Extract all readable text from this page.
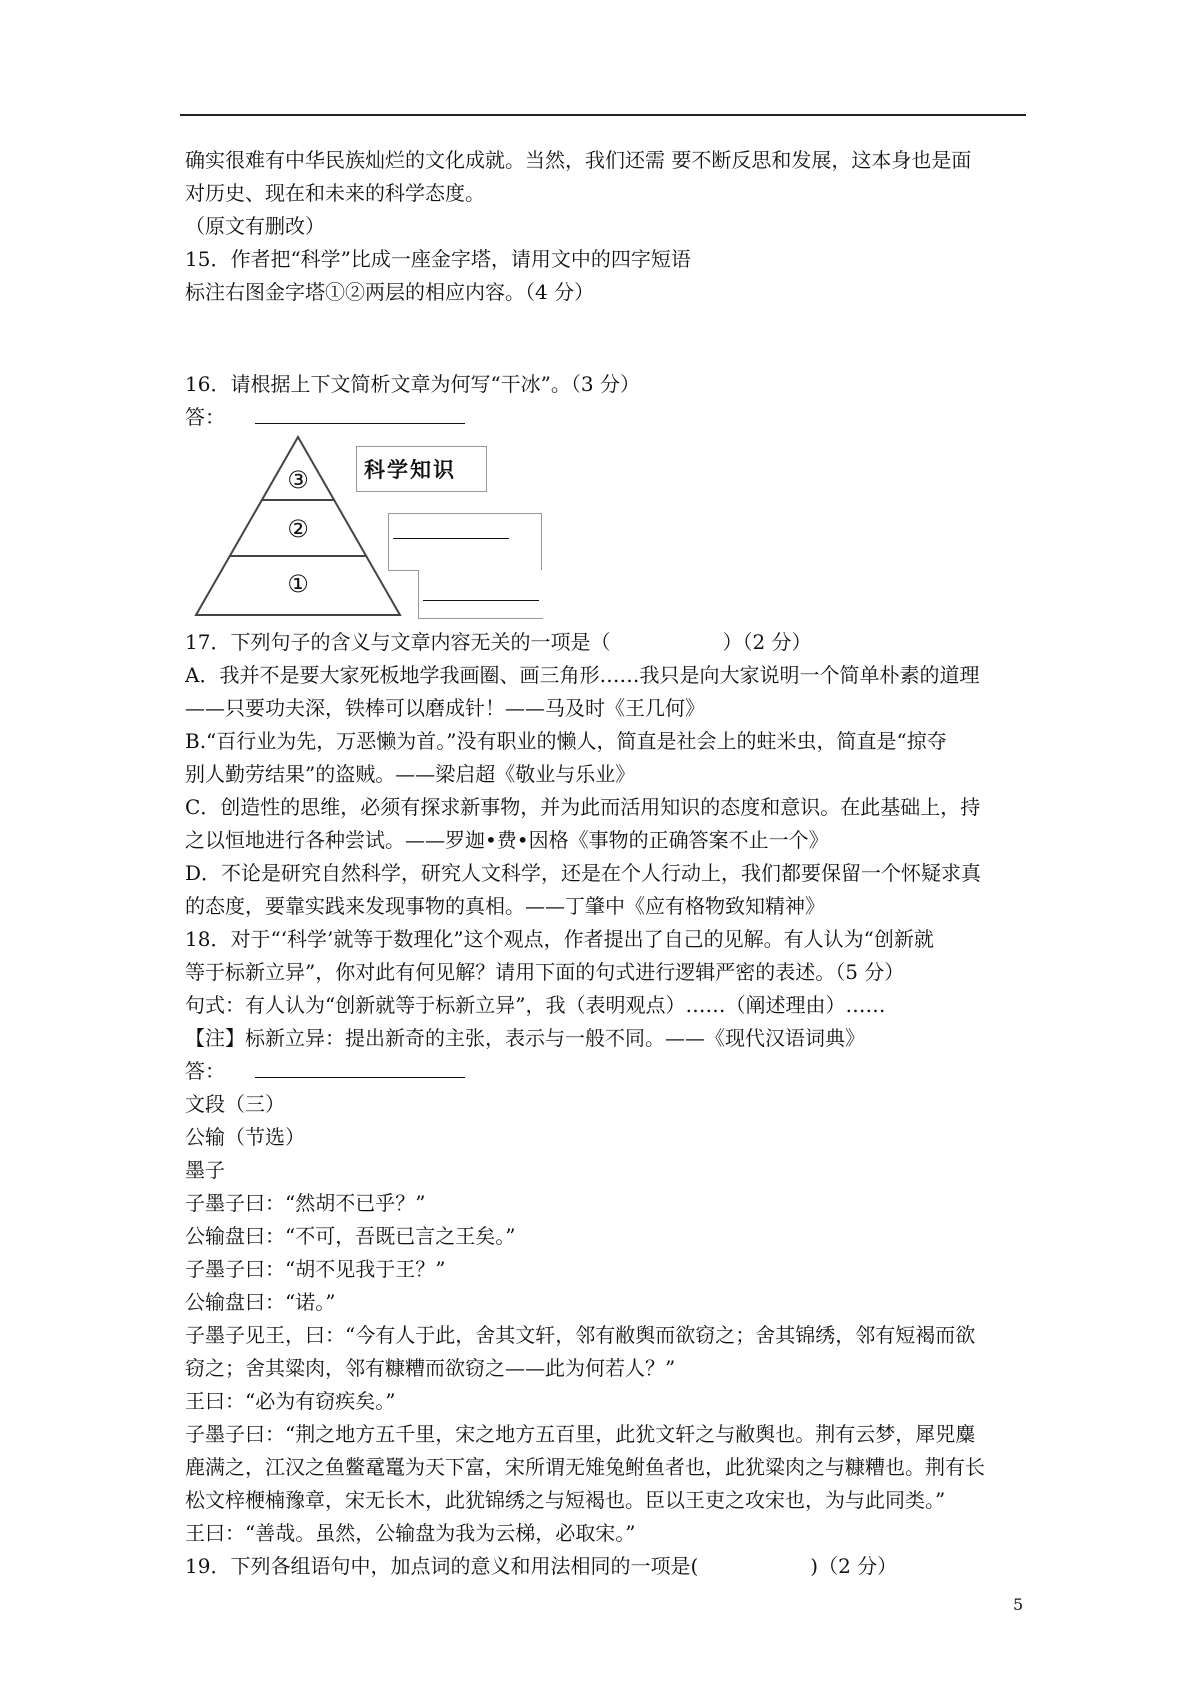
确实很难有中华民族灿烂的文化成就。当然，我们还需 要不断反思和发展，这本身也是面
对历史、现在和未来的科学态度。
（原文有删改）
15．作者把“科学”比成一座金字塔，请用文中的四字短语
标注右图金字塔①②两层的相应内容。（4 分）
16．请根据上下文简析文章为何写“干冰”。（3 分）
答：
③
②
①
科学知识
17．下列句子的含义与文章内容无关的一项是（	）（2 分）
A．我并不是要大家死板地学我画圈、画三角形……我只是向大家说明一个简单朴素的道理
——只要功夫深，铁棒可以磨成针！——马及时《王几何》
B.“百行业为先，万恶懒为首。”没有职业的懒人，简直是社会上的蛀米虫，简直是“掠夺
别人勤劳结果”的盗贼。——梁启超《敬业与乐业》
C．创造性的思维，必须有探求新事物，并为此而活用知识的态度和意识。在此基础上，持
之以恒地进行各种尝试。——罗迦•费•因格《事物的正确答案不止一个》
D．不论是研究自然科学，研究人文科学，还是在个人行动上，我们都要保留一个怀疑求真
的态度，要靠实践来发现事物的真相。——丁肇中《应有格物致知精神》
18．对于“‘科学’就等于数理化”这个观点，作者提出了自己的见解。有人认为“创新就
等于标新立异”，你对此有何见解？请用下面的句式进行逻辑严密的表述。（5 分）
句式：有人认为“创新就等于标新立异”，我（表明观点）……（阐述理由）……
【注】标新立异：提出新奇的主张，表示与一般不同。——《现代汉语词典》
答：
文段（三）
公输（节选）
墨子
子墨子曰：“然胡不已乎？”
公输盘曰：“不可，吾既已言之王矣。”
子墨子曰：“胡不见我于王？”
公输盘曰：“诺。”
子墨子见王，曰：“今有人于此，舍其文轩，邻有敝舆而欲窃之；舍其锦绣，邻有短褐而欲
窃之；舍其粱肉，邻有糠糟而欲窃之——此为何若人？”
王曰：“必为有窃疾矣。”
子墨子曰：“荆之地方五千里，宋之地方五百里，此犹文轩之与敝舆也。荆有云梦，犀兕麋
鹿满之，江汉之鱼鳖鼋鼍为天下富，宋所谓无雉兔鲋鱼者也，此犹粱肉之与糠糟也。荆有长
松文梓楩楠豫章，宋无长木，此犹锦绣之与短褐也。臣以王吏之攻宋也，为与此同类。”
王曰：“善哉。虽然，公输盘为我为云梯，必取宋。”
19．下列各组语句中，加点词的意义和用法相同的一项是(	)（2 分）
5
